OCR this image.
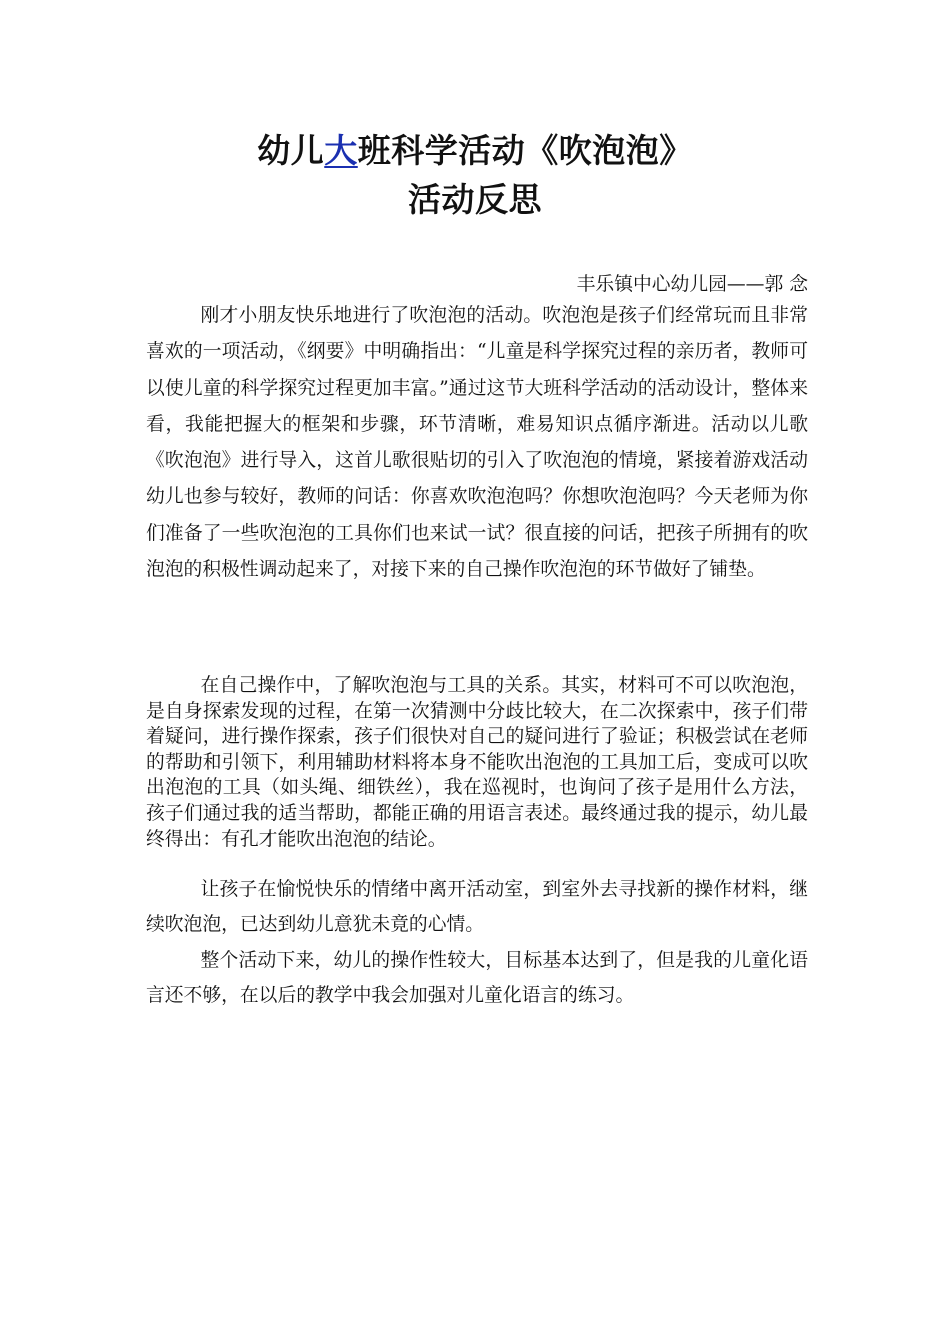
幼儿大班科学活动《吹泡泡》
活动反思
丰乐镇中心幼儿园——郭 念

刚才小朋友快乐地进行了吹泡泡的活动。吹泡泡是孩子们经常玩而且非常喜欢的一项活动，《纲要》中明确指出：“儿童是科学探究过程的亲历者，教师可以使儿童的科学探究过程更加丰富。”通过这节大班科学活动的活动设计，整体来看，我能把握大的框架和步骤，环节清晰，难易知识点循序渐进。活动以儿歌《吹泡泡》进行导入，这首儿歌很贴切的引入了吹泡泡的情境，紧接着游戏活动幼儿也参与较好，教师的问话：你喜欢吹泡泡吗？你想吹泡泡吗？今天老师为你们准备了一些吹泡泡的工具你们也来试一试？很直接的问话，把孩子所拥有的吹泡泡的积极性调动起来了，对接下来的自己操作吹泡泡的环节做好了铺垫。

在自己操作中，了解吹泡泡与工具的关系。其实，材料可不可以吹泡泡，是自身探索发现的过程，在第一次猜测中分歧比较大，在二次探索中，孩子们带着疑问，进行操作探索，孩子们很快对自己的疑问进行了验证；积极尝试在老师的帮助和引领下，利用辅助材料将本身不能吹出泡泡的工具加工后，变成可以吹出泡泡的工具（如头绳、细铁丝），我在巡视时，也询问了孩子是用什么方法，孩子们通过我的适当帮助，都能正确的用语言表述。最终通过我的提示，幼儿最终得出：有孔才能吹出泡泡的结论。

让孩子在愉悦快乐的情绪中离开活动室，到室外去寻找新的操作材料，继续吹泡泡，已达到幼儿意犹未竟的心情。

整个活动下来，幼儿的操作性较大，目标基本达到了，但是我的儿童化语言还不够，在以后的教学中我会加强对儿童化语言的练习。
